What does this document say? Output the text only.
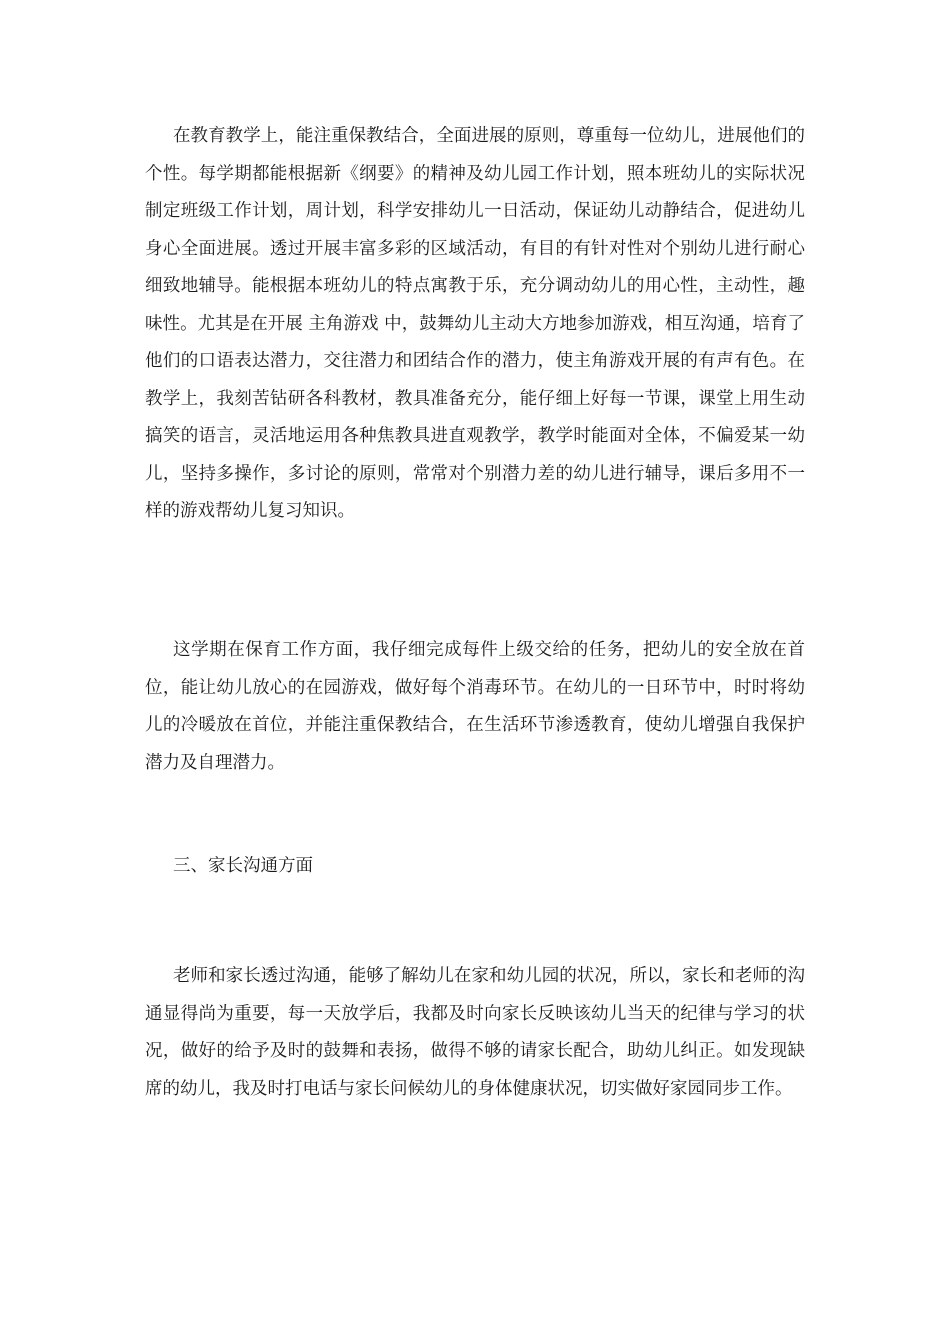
在教育教学上，能注重保教结合，全面进展的原则，尊重每一位幼儿，进展他们的个性。每学期都能根据新《纲要》的精神及幼儿园工作计划，照本班幼儿的实际状况制定班级工作计划，周计划，科学安排幼儿一日活动，保证幼儿动静结合，促进幼儿身心全面进展。透过开展丰富多彩的区域活动，有目的有针对性对个别幼儿进行耐心细致地辅导。能根据本班幼儿的特点寓教于乐，充分调动幼儿的用心性，主动性，趣味性。尤其是在开展 主角游戏 中，鼓舞幼儿主动大方地参加游戏，相互沟通，培育了他们的口语表达潜力，交往潜力和团结合作的潜力，使主角游戏开展的有声有色。在教学上，我刻苦钻研各科教材，教具准备充分，能仔细上好每一节课，课堂上用生动搞笑的语言，灵活地运用各种焦教具进直观教学，教学时能面对全体，不偏爱某一幼儿，坚持多操作，多讨论的原则，常常对个别潜力差的幼儿进行辅导，课后多用不一样的游戏帮幼儿复习知识。

这学期在保育工作方面，我仔细完成每件上级交给的任务，把幼儿的安全放在首位，能让幼儿放心的在园游戏，做好每个消毒环节。在幼儿的一日环节中，时时将幼儿的冷暖放在首位，并能注重保教结合，在生活环节渗透教育，使幼儿增强自我保护潜力及自理潜力。

三、家长沟通方面

老师和家长透过沟通，能够了解幼儿在家和幼儿园的状况，所以，家长和老师的沟通显得尚为重要，每一天放学后，我都及时向家长反映该幼儿当天的纪律与学习的状况，做好的给予及时的鼓舞和表扬，做得不够的请家长配合，助幼儿纠正。如发现缺席的幼儿，我及时打电话与家长问候幼儿的身体健康状况，切实做好家园同步工作。
